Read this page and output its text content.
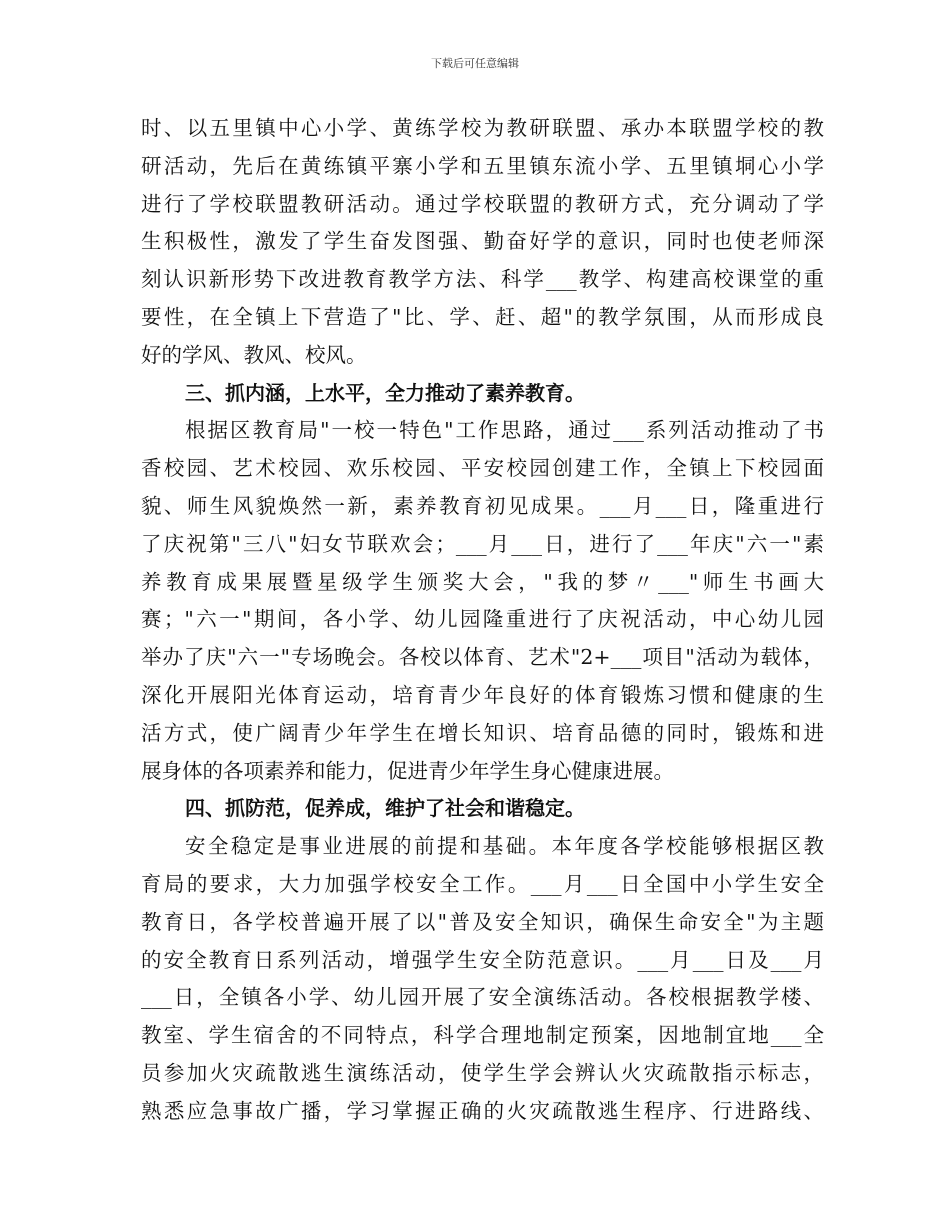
下载后可任意编辑
时、以五里镇中心小学、黄练学校为教研联盟、承办本联盟学校的教
研活动，先后在黄练镇平寨小学和五里镇东流小学、五里镇垌心小学
进行了学校联盟教研活动。通过学校联盟的教研方式，充分调动了学
生积极性，激发了学生奋发图强、勤奋好学的意识，同时也使老师深
刻认识新形势下改进教育教学方法、科学___教学、构建高校课堂的重
要性，在全镇上下营造了"比、学、赶、超"的教学氛围，从而形成良
好的学风、教风、校风。
三、抓内涵，上水平，全力推动了素养教育。
根据区教育局"一校一特色"工作思路，通过___系列活动推动了书
香校园、艺术校园、欢乐校园、平安校园创建工作，全镇上下校园面
貌、师生风貌焕然一新，素养教育初见成果。___月___日，隆重进行
了庆祝第"三八"妇女节联欢会；___月___日，进行了___年庆"六一"素
养教育成果展暨星级学生颁奖大会，"我的梦〃___"师生书画大
赛；"六一"期间，各小学、幼儿园隆重进行了庆祝活动，中心幼儿园
举办了庆"六一"专场晚会。各校以体育、艺术"2+___项目"活动为载体，
深化开展阳光体育运动，培育青少年良好的体育锻炼习惯和健康的生
活方式，使广阔青少年学生在增长知识、培育品德的同时，锻炼和进
展身体的各项素养和能力，促进青少年学生身心健康进展。
四、抓防范，促养成，维护了社会和谐稳定。
安全稳定是事业进展的前提和基础。本年度各学校能够根据区教
育局的要求，大力加强学校安全工作。___月___日全国中小学生安全
教育日，各学校普遍开展了以"普及安全知识，确保生命安全"为主题
的安全教育日系列活动，增强学生安全防范意识。___月___日及___月
___日，全镇各小学、幼儿园开展了安全演练活动。各校根据教学楼、
教室、学生宿舍的不同特点，科学合理地制定预案，因地制宜地___全
员参加火灾疏散逃生演练活动，使学生学会辨认火灾疏散指示标志，
熟悉应急事故广播，学习掌握正确的火灾疏散逃生程序、行进路线、
